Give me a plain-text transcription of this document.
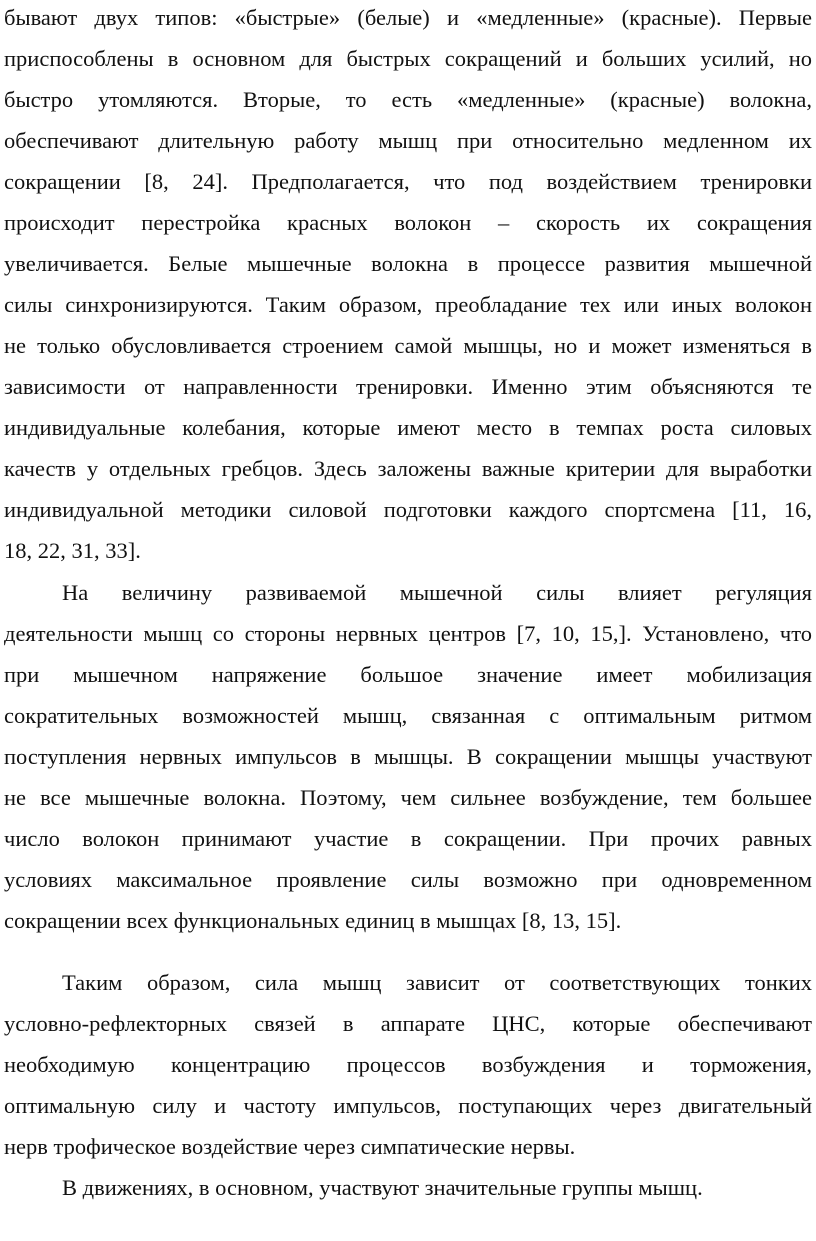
бывают двух типов: «быстрые» (белые) и «медленные» (красные). Первые
приспособлены в основном для быстрых сокращений и больших усилий, но
быстро утомляются. Вторые, то есть «медленные» (красные) волокна,
обеспечивают длительную работу мышц при относительно медленном их
сокращении [8, 24]. Предполагается, что под воздействием тренировки
происходит перестройка красных волокон – скорость их сокращения
увеличивается. Белые мышечные волокна в процессе развития мышечной
силы синхронизируются. Таким образом, преобладание тех или иных волокон
не только обусловливается строением самой мышцы, но и может изменяться в
зависимости от направленности тренировки. Именно этим объясняются те
индивидуальные колебания, которые имеют место в темпах роста силовых
качеств у отдельных гребцов. Здесь заложены важные критерии для выработки
индивидуальной методики силовой подготовки каждого спортсмена [11, 16,
18, 22, 31, 33].
На величину развиваемой мышечной силы влияет регуляция
деятельности мышц со стороны нервных центров [7, 10, 15,]. Установлено, что
при мышечном напряжение большое значение имеет мобилизация
сократительных возможностей мышц, связанная с оптимальным ритмом
поступления нервных импульсов в мышцы. В сокращении мышцы участвуют
не все мышечные волокна. Поэтому, чем сильнее возбуждение, тем большее
число волокон принимают участие в сокращении. При прочих равных
условиях максимальное проявление силы возможно при одновременном
сокращении всех функциональных единиц в мышцах [8, 13, 15].
Таким образом, сила мышц зависит от соответствующих тонких
условно-рефлекторных связей в аппарате ЦНС, которые обеспечивают
необходимую концентрацию процессов возбуждения и торможения,
оптимальную силу и частоту импульсов, поступающих через двигательный
нерв трофическое воздействие через симпатические нервы.
В движениях, в основном, участвуют значительные группы мышц.
